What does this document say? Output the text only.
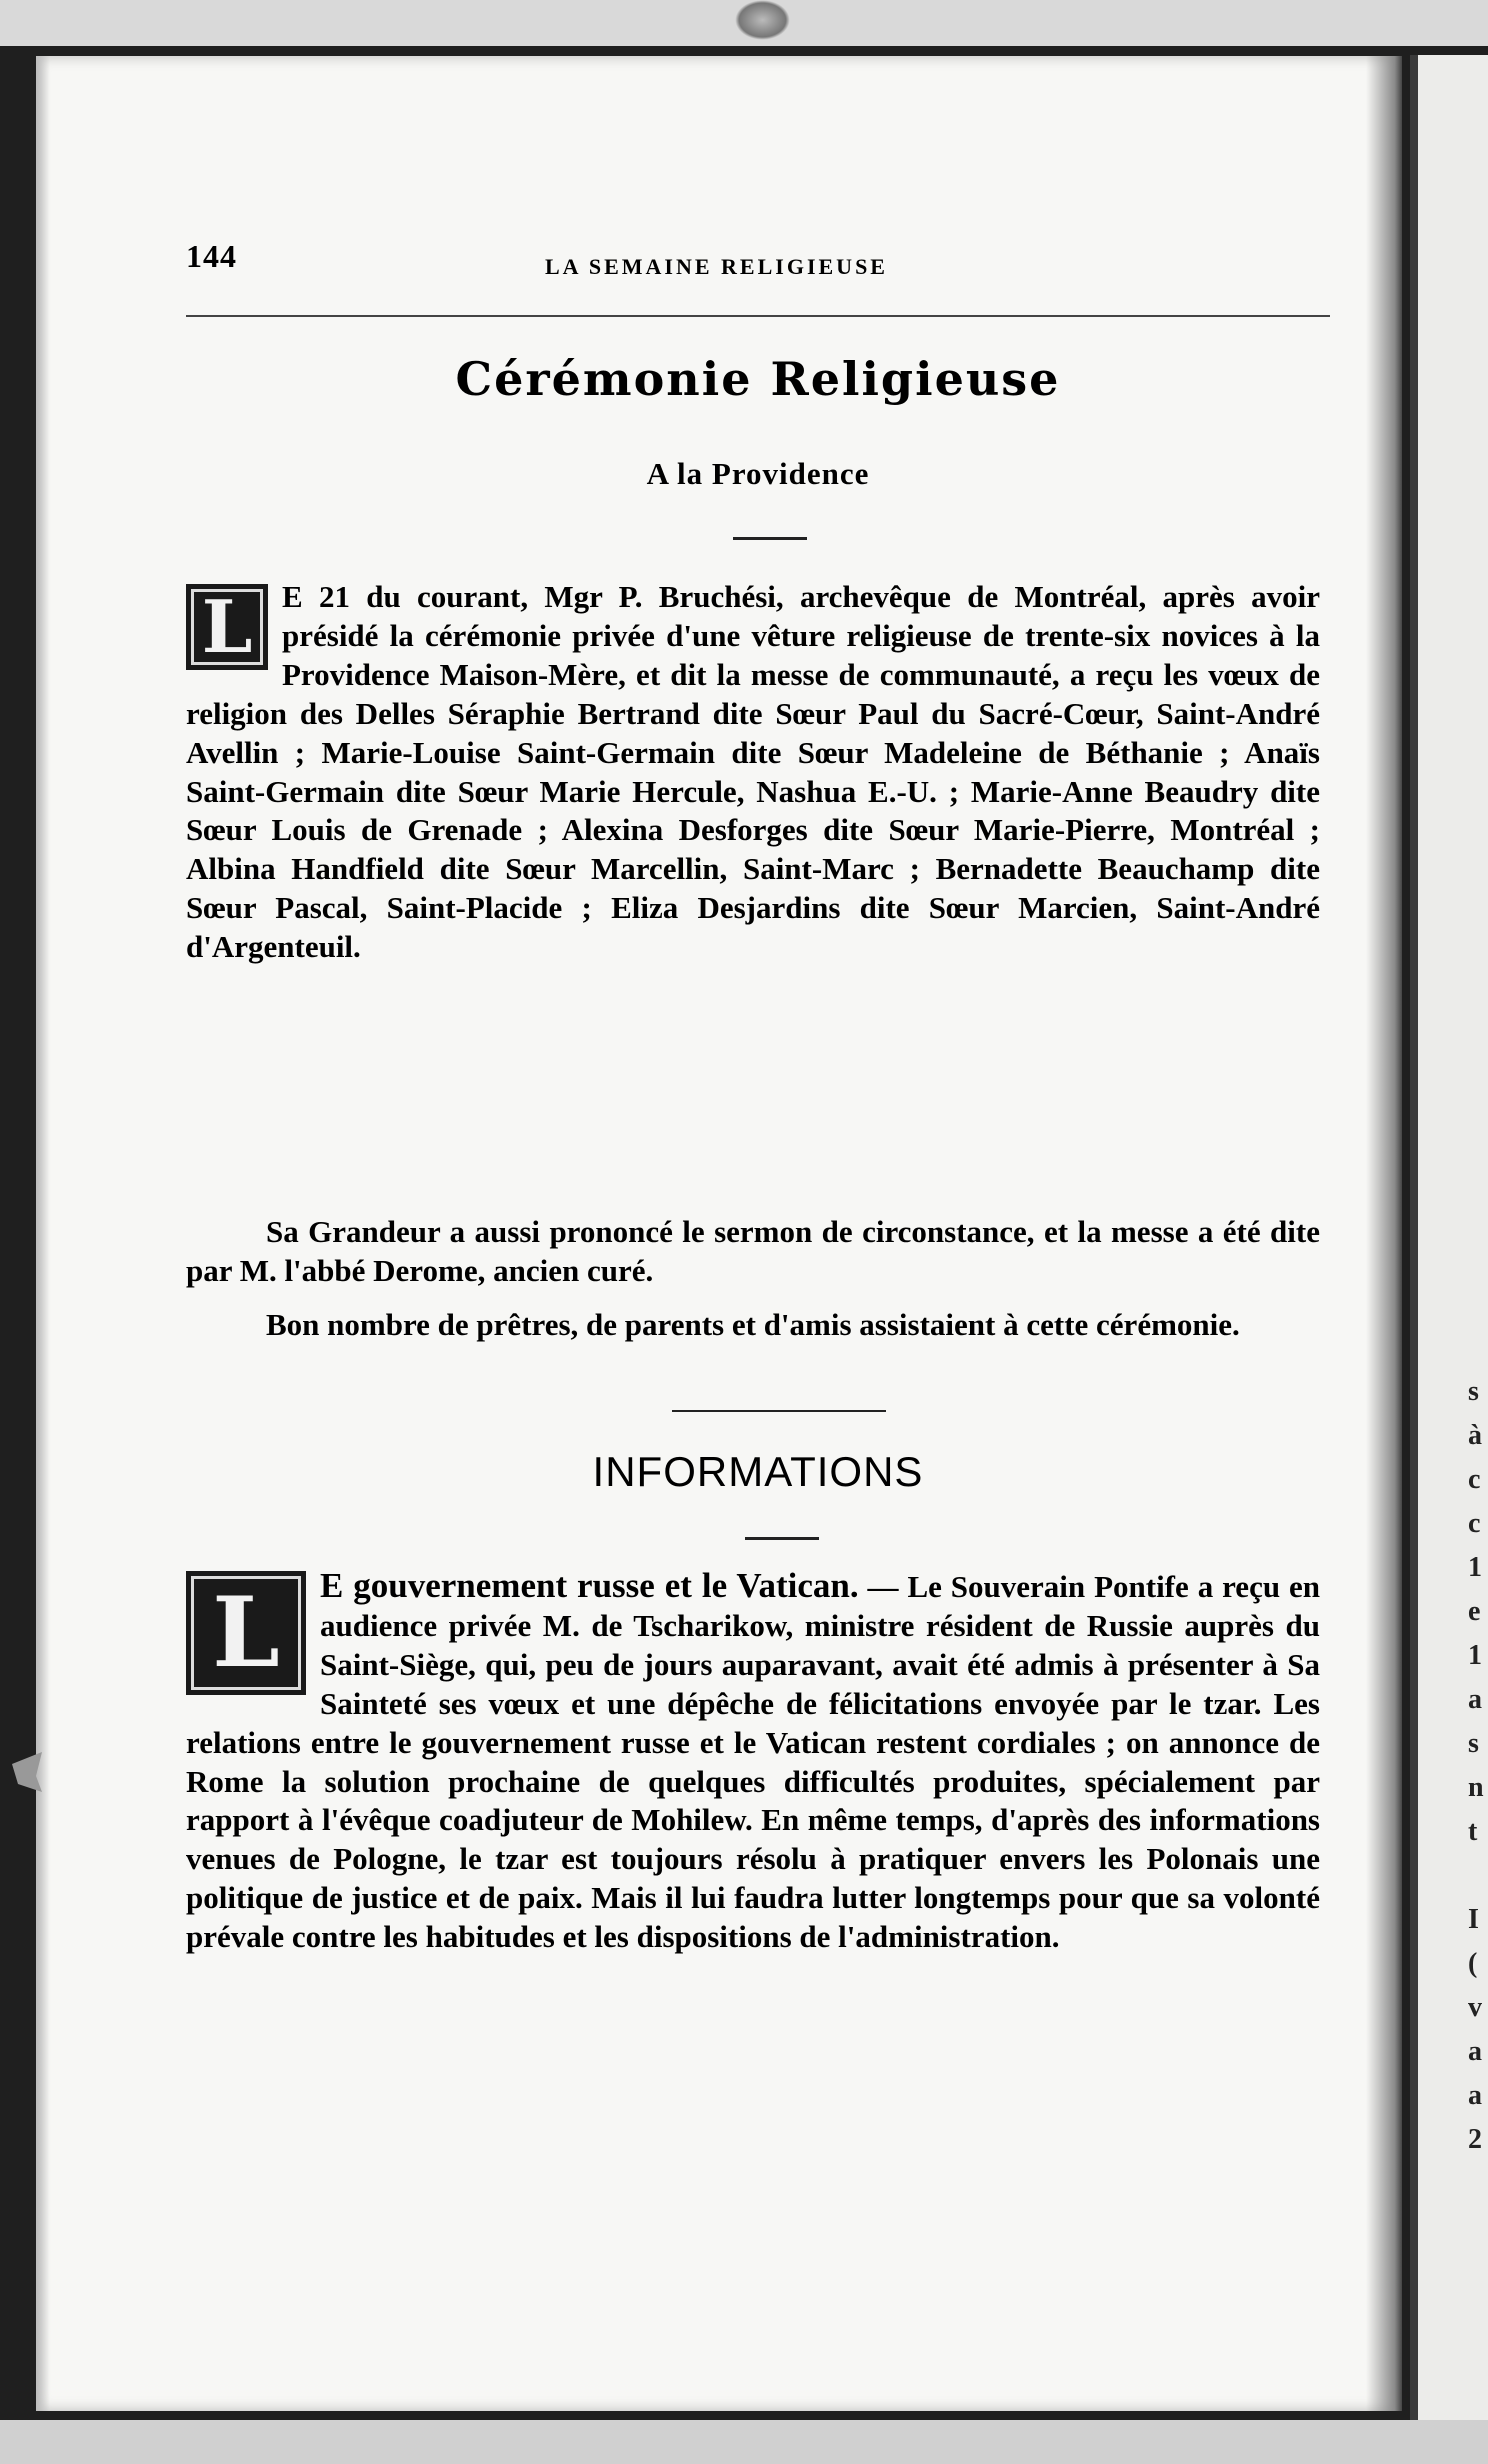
s
à
c
c
1
e
1
a
s
n
t

I
(
v
a
a
2
144	LA SEMAINE RELIGIEUSE
Cérémonie Religieuse
A la Providence
L E 21 du courant, Mgr P. Bruchési, archevêque de Montréal, après avoir présidé la cérémonie privée d'une vêture religieuse de trente-six novices à la Providence Maison-Mère, et dit la messe de communauté, a reçu les vœux de religion des Delles Séraphie Bertrand dite Sœur Paul du Sacré-Cœur, Saint-André Avellin ; Marie-Louise Saint-Germain dite Sœur Madeleine de Béthanie ; Anaïs Saint-Germain dite Sœur Marie Hercule, Nashua E.-U. ; Marie-Anne Beaudry dite Sœur Louis de Grenade ; Alexina Desforges dite Sœur Marie-Pierre, Montréal ; Albina Handfield dite Sœur Marcellin, Saint-Marc ; Bernadette Beauchamp dite Sœur Pascal, Saint-Placide ; Eliza Desjardins dite Sœur Marcien, Saint-André d'Argenteuil.
Sa Grandeur a aussi prononcé le sermon de circonstance, et la messe a été dite par M. l'abbé Derome, ancien curé.
Bon nombre de prêtres, de parents et d'amis assistaient à cette cérémonie.
INFORMATIONS
L	E gouvernement russe et le Vatican. — Le Souverain Pontife a reçu en audience privée M. de Tscharikow, ministre résident de Russie auprès du Saint-Siège, qui, peu de jours auparavant, avait été admis à présenter à Sa Sainteté ses vœux et une dépêche de félicitations envoyée par le tzar. Les relations entre le gouvernement russe et le Vatican restent cordiales ; on annonce de Rome la solution prochaine de quelques difficultés produites, spécialement par rapport à l'évêque coadjuteur de Mohilew. En même temps, d'après des informations venues de Pologne, le tzar est toujours résolu à pratiquer envers les Polonais une politique de justice et de paix. Mais il lui faudra lutter longtemps pour que sa volonté prévale contre les habitudes et les dispositions de l'administration.
